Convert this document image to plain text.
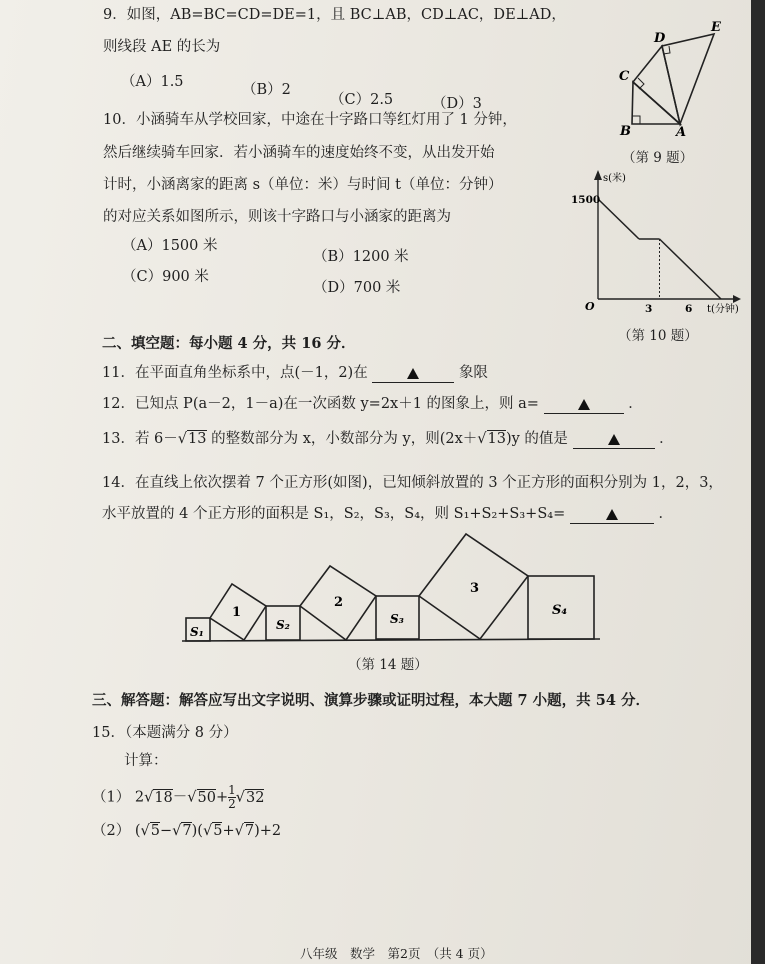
9．如图，AB=BC=CD=DE=1，且 BC⊥AB，CD⊥AC，DE⊥AD，
则线段 AE 的长为
（A）1.5	（B）2
（C）2.5	（D）3
D
E
C
B	A
（第 9 题）
10．小涵骑车从学校回家，中途在十字路口等红灯用了 1 分钟，
然后继续骑车回家．若小涵骑车的速度始终不变，从出发开始
计时，小涵离家的距离 s（单位：米）与时间 t（单位：分钟）
的对应关系如图所示，则该十字路口与小涵家的距离为
（A）1500 米
（B）1200 米
（C）900 米
（D）700 米
s(米)
t(分钟)
O
1500
3	6
（第 10 题）
二、填空题：每小题 4 分，共 16 分．
11．在平面直角坐标系中，点(－1，2)在	象限
12．已知点 P(a－2，1－a)在一次函数 y=2x＋1 的图象上，则 a=	．
13．若 6－√13 的整数部分为 x，小数部分为 y，则(2x＋√13)y 的值是	．
14．在直线上依次摆着 7 个正方形(如图)，已知倾斜放置的 3 个正方形的面积分别为 1，2，3，
水平放置的 4 个正方形的面积是 S₁，S₂，S₃，S₄，则 S₁+S₂+S₃+S₄=	．
S₁
1
S₂
2
S₃
3
S₄
（第 14 题）
三、解答题：解答应写出文字说明、演算步骤或证明过程，本大题 7 小题，共 54 分．
15．（本题满分 8 分）
计算：
（1） $2√18-√50+ \frac{1}{2} √32$
（2） (√5−√7)(√5+√7)+2
八年级　数学　第2页　（共 4 页）
